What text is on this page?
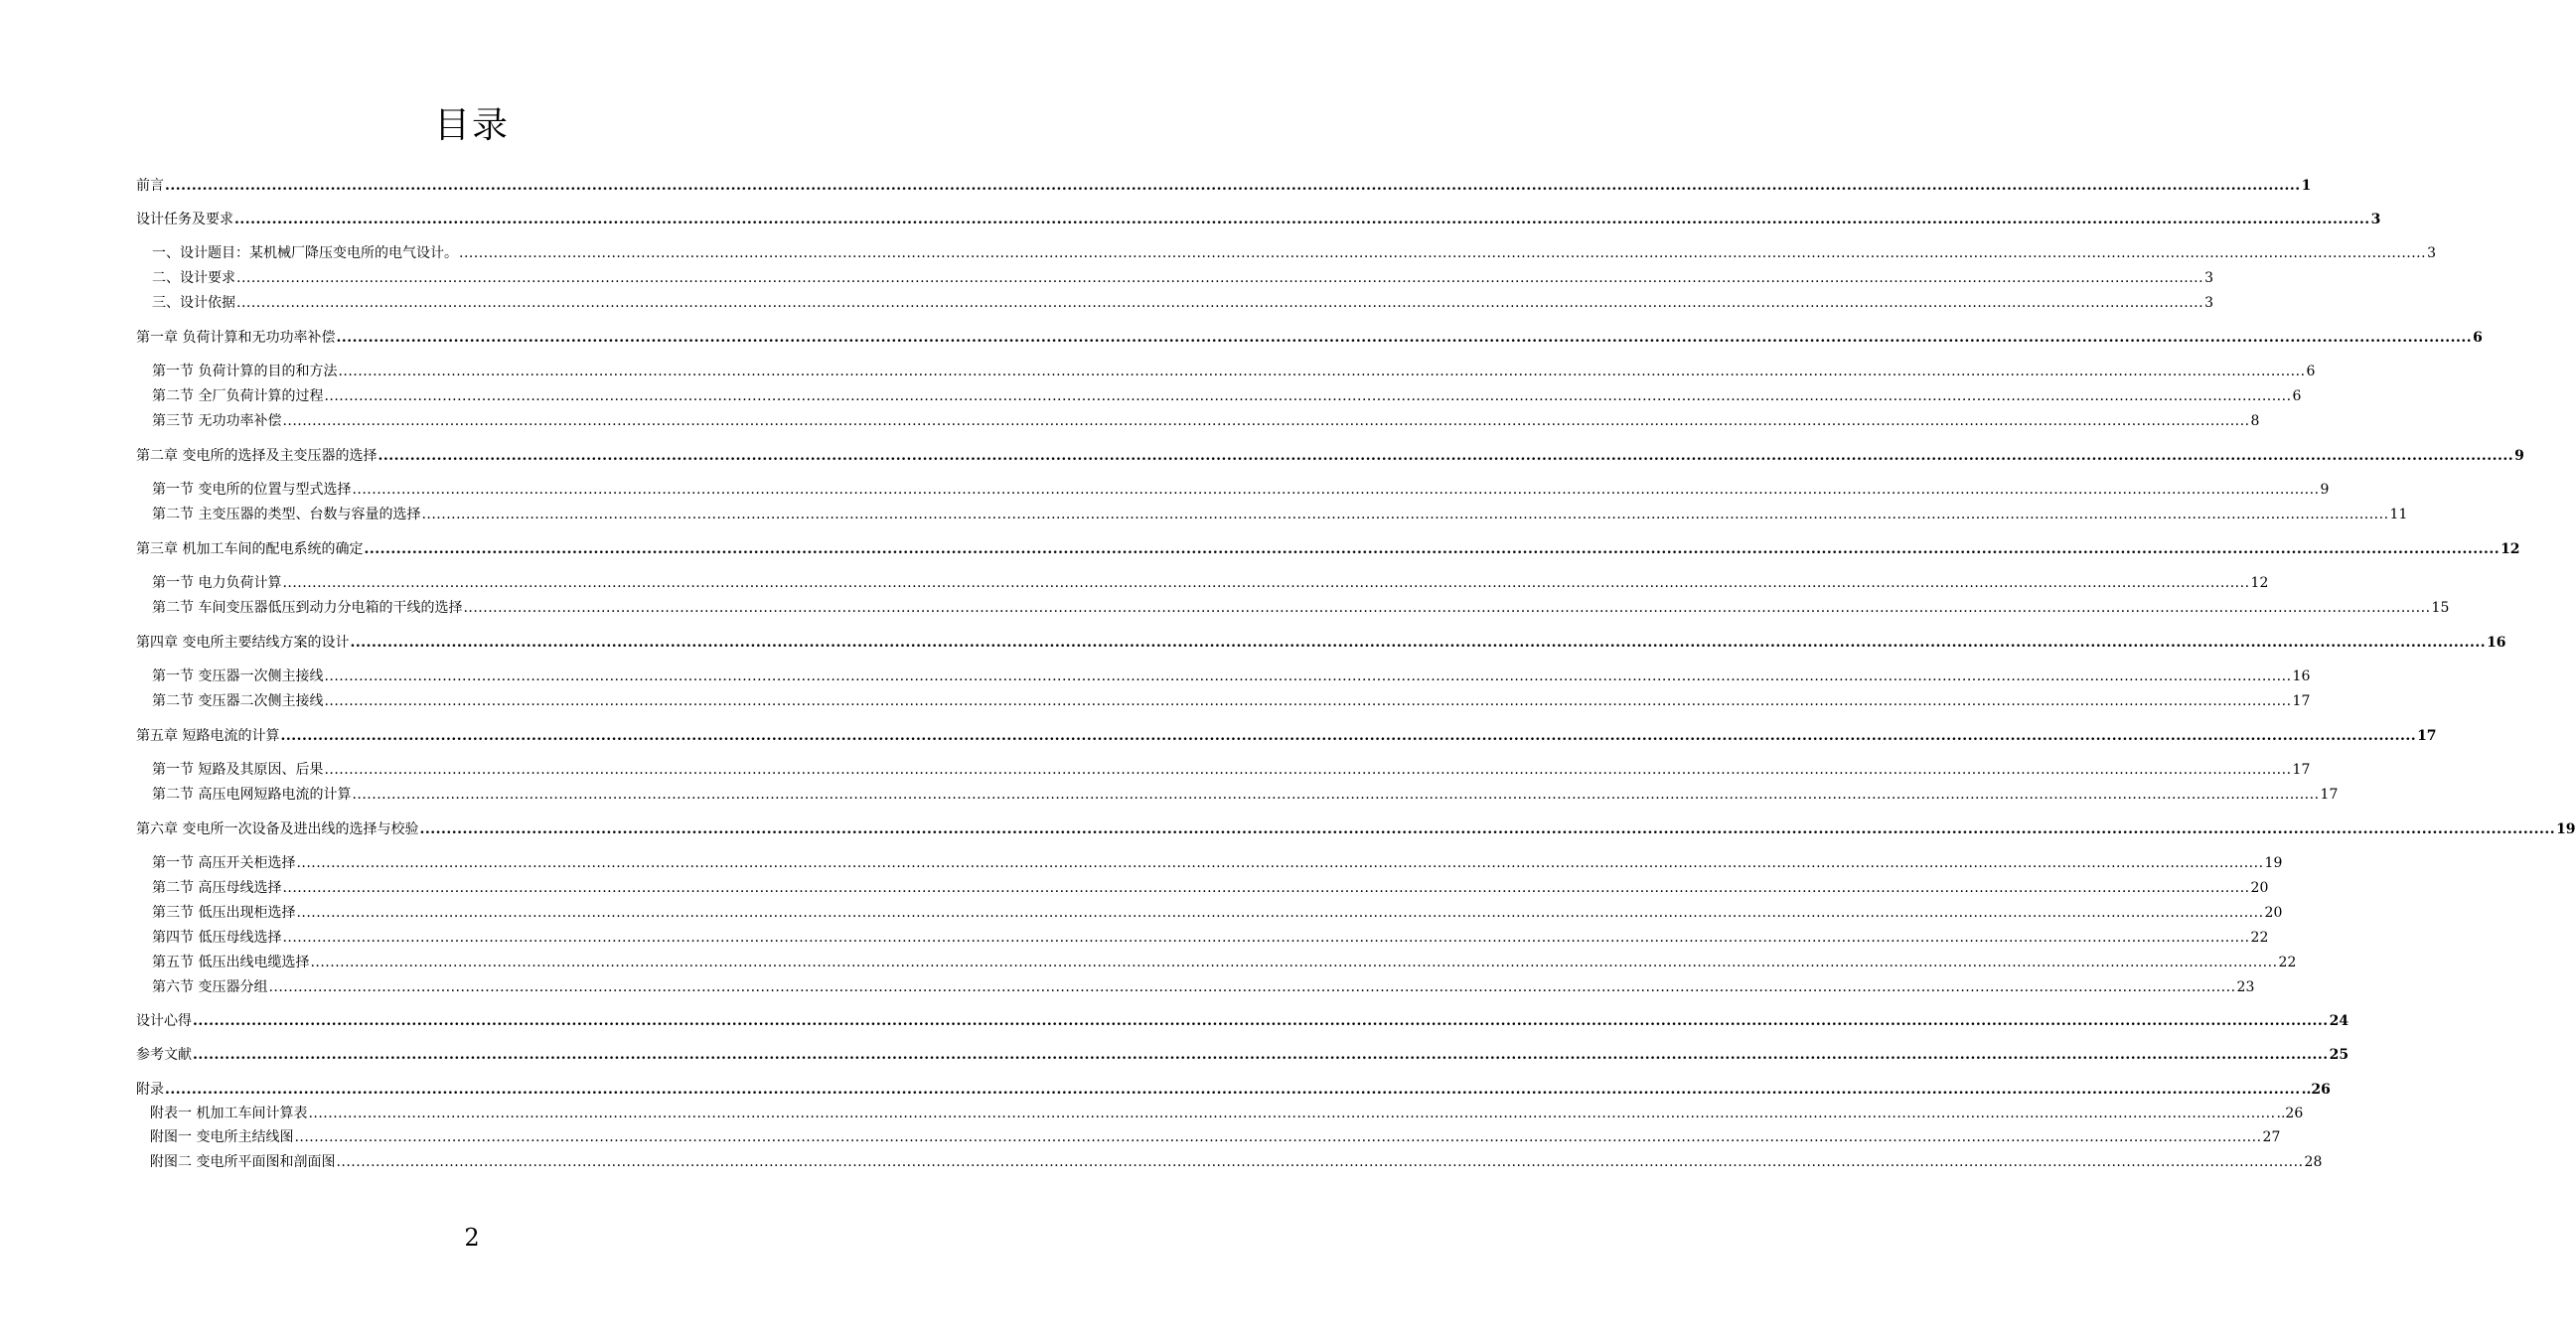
目录
前言 ................................................................................................................................................................................................................................................................................................................................................................................................................ 1
设计任务及要求 ................................................................................................................................................................................................................................................................................................................................................................................................................ 3
一、设计题目：某机械厂降压变电所的电气设计。 ................................................................................................................................................................................................................................................................................................................................................................................................................ 3
二、设计要求 ................................................................................................................................................................................................................................................................................................................................................................................................................ 3
三、设计依据 ................................................................................................................................................................................................................................................................................................................................................................................................................ 3
第一章 负荷计算和无功功率补偿 ................................................................................................................................................................................................................................................................................................................................................................................................................ 6
第一节 负荷计算的目的和方法 ................................................................................................................................................................................................................................................................................................................................................................................................................ 6
第二节 全厂负荷计算的过程 ................................................................................................................................................................................................................................................................................................................................................................................................................ 6
第三节 无功功率补偿 ................................................................................................................................................................................................................................................................................................................................................................................................................ 8
第二章 变电所的选择及主变压器的选择 ................................................................................................................................................................................................................................................................................................................................................................................................................ 9
第一节 变电所的位置与型式选择 ................................................................................................................................................................................................................................................................................................................................................................................................................ 9
第二节 主变压器的类型、台数与容量的选择 ................................................................................................................................................................................................................................................................................................................................................................................................................ 11
第三章 机加工车间的配电系统的确定 ................................................................................................................................................................................................................................................................................................................................................................................................................ 12
第一节 电力负荷计算 ................................................................................................................................................................................................................................................................................................................................................................................................................ 12
第二节 车间变压器低压到动力分电箱的干线的选择 ................................................................................................................................................................................................................................................................................................................................................................................................................ 15
第四章 变电所主要结线方案的设计 ................................................................................................................................................................................................................................................................................................................................................................................................................ 16
第一节 变压器一次侧主接线 ................................................................................................................................................................................................................................................................................................................................................................................................................ 16
第二节 变压器二次侧主接线 ................................................................................................................................................................................................................................................................................................................................................................................................................ 17
第五章 短路电流的计算 ................................................................................................................................................................................................................................................................................................................................................................................................................ 17
第一节 短路及其原因、后果 ................................................................................................................................................................................................................................................................................................................................................................................................................ 17
第二节 高压电网短路电流的计算 ................................................................................................................................................................................................................................................................................................................................................................................................................ 17
第六章 变电所一次设备及进出线的选择与校验 ................................................................................................................................................................................................................................................................................................................................................................................................................ 19
第一节 高压开关柜选择 ................................................................................................................................................................................................................................................................................................................................................................................................................ 19
第二节 高压母线选择 ................................................................................................................................................................................................................................................................................................................................................................................................................ 20
第三节 低压出现柜选择 ................................................................................................................................................................................................................................................................................................................................................................................................................ 20
第四节 低压母线选择 ................................................................................................................................................................................................................................................................................................................................................................................................................ 22
第五节 低压出线电缆选择 ................................................................................................................................................................................................................................................................................................................................................................................................................ 22
第六节 变压器分组 ................................................................................................................................................................................................................................................................................................................................................................................................................ 23
设计心得 ................................................................................................................................................................................................................................................................................................................................................................................................................ 24
参考文献 ................................................................................................................................................................................................................................................................................................................................................................................................................ 25
附录 ................................................................................................................................................................................................................................................................................................................................................................................................................ ..26
附表一 机加工车间计算表 ................................................................................................................................................................................................................................................................................................................................................................................................................ ..26
附图一 变电所主结线图 ................................................................................................................................................................................................................................................................................................................................................................................................................ 27
附图二 变电所平面图和剖面图 ................................................................................................................................................................................................................................................................................................................................................................................................................ 28
2
